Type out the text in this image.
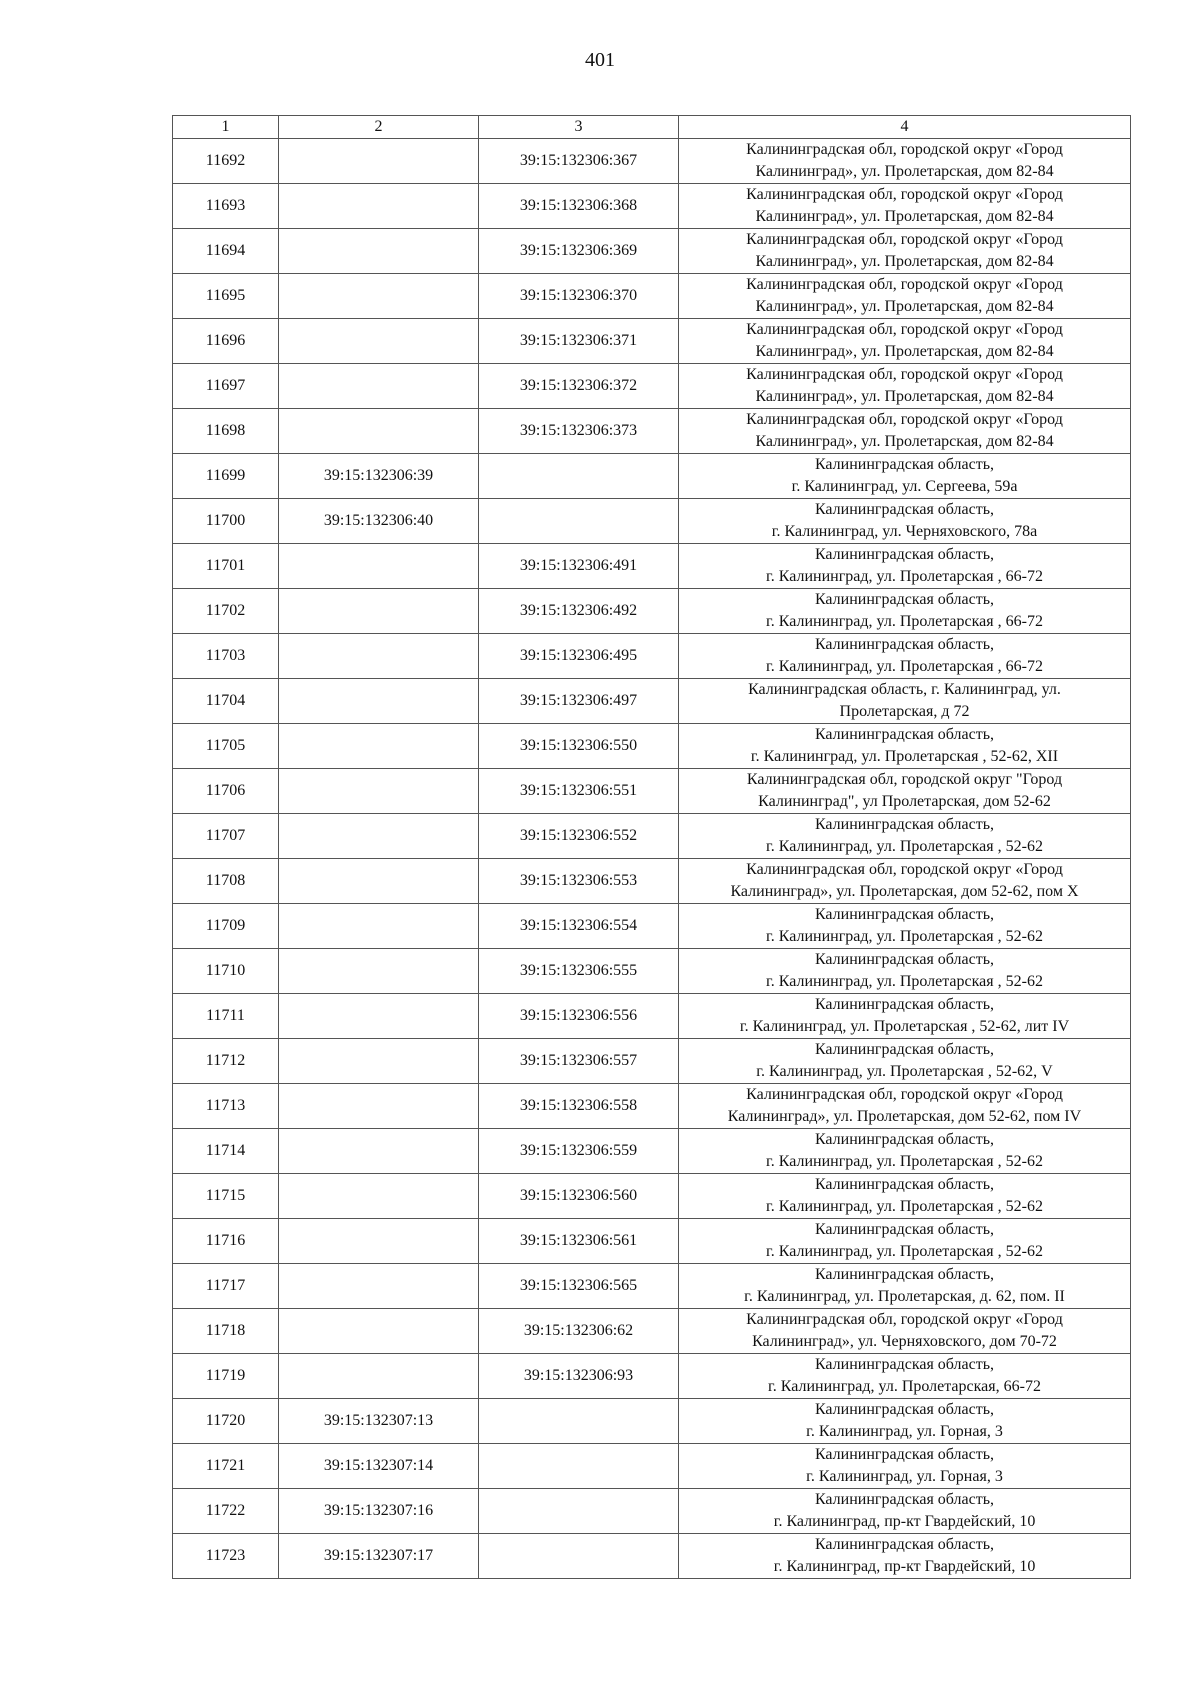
401
1	2	3	4
11692		39:15:132306:367	Калининградская обл, городской округ «Город
Калининград», ул. Пролетарская, дом 82-84

11693		39:15:132306:368	Калининградская обл, городской округ «Город
Калининград», ул. Пролетарская, дом 82-84

11694		39:15:132306:369	Калининградская обл, городской округ «Город
Калининград», ул. Пролетарская, дом 82-84

11695		39:15:132306:370	Калининградская обл, городской округ «Город
Калининград», ул. Пролетарская, дом 82-84

11696		39:15:132306:371	Калининградская обл, городской округ «Город
Калининград», ул. Пролетарская, дом 82-84

11697		39:15:132306:372	Калининградская обл, городской округ «Город
Калининград», ул. Пролетарская, дом 82-84

11698		39:15:132306:373	Калининградская обл, городской округ «Город
Калининград», ул. Пролетарская, дом 82-84

11699	39:15:132306:39		Калининградская область,
г. Калининград, ул. Сергеева, 59а

11700	39:15:132306:40		Калининградская область,
г. Калининград, ул. Черняховского, 78а

11701		39:15:132306:491	Калининградская область,
г. Калининград, ул. Пролетарская , 66-72

11702		39:15:132306:492	Калининградская область,
г. Калининград, ул. Пролетарская , 66-72

11703		39:15:132306:495	Калининградская область,
г. Калининград, ул. Пролетарская , 66-72

11704		39:15:132306:497	Калининградская область, г. Калининград, ул.
Пролетарская, д 72

11705		39:15:132306:550	Калининградская область,
г. Калининград, ул. Пролетарская , 52-62, XII

11706		39:15:132306:551	Калининградская обл, городской округ "Город
Калининград", ул Пролетарская, дом 52-62

11707		39:15:132306:552	Калининградская область,
г. Калининград, ул. Пролетарская , 52-62

11708		39:15:132306:553	Калининградская обл, городской округ «Город
Калининград», ул. Пролетарская, дом 52-62, пом X

11709		39:15:132306:554	Калининградская область,
г. Калининград, ул. Пролетарская , 52-62

11710		39:15:132306:555	Калининградская область,
г. Калининград, ул. Пролетарская , 52-62

11711		39:15:132306:556	Калининградская область,
г. Калининград, ул. Пролетарская , 52-62, лит IV

11712		39:15:132306:557	Калининградская область,
г. Калининград, ул. Пролетарская , 52-62, V

11713		39:15:132306:558	Калининградская обл, городской округ «Город
Калининград», ул. Пролетарская, дом 52-62, пом IV

11714		39:15:132306:559	Калининградская область,
г. Калининград, ул. Пролетарская , 52-62

11715		39:15:132306:560	Калининградская область,
г. Калининград, ул. Пролетарская , 52-62

11716		39:15:132306:561	Калининградская область,
г. Калининград, ул. Пролетарская , 52-62

11717		39:15:132306:565	Калининградская область,
г. Калининград, ул. Пролетарская, д. 62, пом. II

11718		39:15:132306:62	Калининградская обл, городской округ «Город
Калининград», ул. Черняховского, дом 70-72

11719		39:15:132306:93	Калининградская область,
г. Калининград, ул. Пролетарская, 66-72

11720	39:15:132307:13		Калининградская область,
г. Калининград, ул. Горная, 3

11721	39:15:132307:14		Калининградская область,
г. Калининград, ул. Горная, 3

11722	39:15:132307:16		Калининградская область,
г. Калининград, пр-кт Гвардейский, 10

11723	39:15:132307:17		Калининградская область,
г. Калининград, пр-кт Гвардейский, 10
